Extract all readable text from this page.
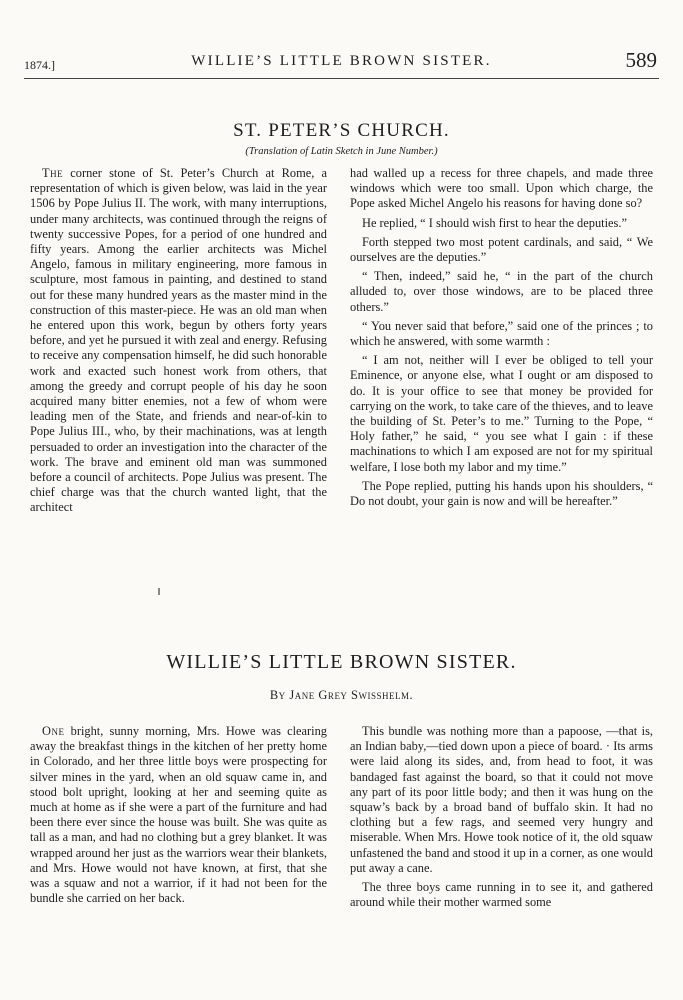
1874.]	WILLIE’S LITTLE BROWN SISTER.	589
ST. PETER’S CHURCH.
(Translation of Latin Sketch in June Number.)

The corner stone of St. Peter’s Church at Rome, a representation of which is given below, was laid in the year 1506 by Pope Julius II. The work, with many interruptions, under many architects, was continued through the reigns of twenty successive Popes, for a period of one hundred and fifty years. Among the earlier architects was Michel Angelo, famous in military engineering, more famous in sculpture, most famous in painting, and destined to stand out for these many hundred years as the master mind in the construction of this master-piece. He was an old man when he entered upon this work, begun by others forty years before, and yet he pursued it with zeal and energy. Refusing to receive any compensation himself, he did such honorable work and exacted such honest work from others, that among the greedy and corrupt people of his day he soon acquired many bitter enemies, not a few of whom were leading men of the State, and friends and near-of-kin to Pope Julius III., who, by their machinations, was at length persuaded to order an investigation into the character of the work. The brave and eminent old man was summoned before a council of architects. Pope Julius was present. The chief charge was that the church wanted light, that the architect

had walled up a recess for three chapels, and made three windows which were too small. Upon which charge, the Pope asked Michel Angelo his reasons for having done so?

He replied, “ I should wish first to hear the deputies.”

Forth stepped two most potent cardinals, and said, “ We ourselves are the deputies.”

“ Then, indeed,” said he, “ in the part of the church alluded to, over those windows, are to be placed three others.”

“ You never said that before,” said one of the princes ; to which he answered, with some warmth :

“ I am not, neither will I ever be obliged to tell your Eminence, or anyone else, what I ought or am disposed to do. It is your office to see that money be provided for carrying on the work, to take care of the thieves, and to leave the building of St. Peter’s to me.” Turning to the Pope, “ Holy father,” he said, “ you see what I gain : if these machinations to which I am exposed are not for my spiritual welfare, I lose both my labor and my time.”

The Pope replied, putting his hands upon his shoulders, “ Do not doubt, your gain is now and will be hereafter.”

WILLIE’S LITTLE BROWN SISTER.
By Jane Grey Swisshelm.

One bright, sunny morning, Mrs. Howe was clearing away the breakfast things in the kitchen of her pretty home in Colorado, and her three little boys were prospecting for silver mines in the yard, when an old squaw came in, and stood bolt upright, looking at her and seeming quite as much at home as if she were a part of the furniture and had been there ever since the house was built. She was quite as tall as a man, and had no clothing but a grey blanket. It was wrapped around her just as the warriors wear their blankets, and Mrs. Howe would not have known, at first, that she was a squaw and not a warrior, if it had not been for the bundle she carried on her back.

This bundle was nothing more than a papoose, —that is, an Indian baby,—tied down upon a piece of board. · Its arms were laid along its sides, and, from head to foot, it was bandaged fast against the board, so that it could not move any part of its poor little body; and then it was hung on the squaw’s back by a broad band of buffalo skin. It had no clothing but a few rags, and seemed very hungry and miserable. When Mrs. Howe took notice of it, the old squaw unfastened the band and stood it up in a corner, as one would put away a cane.

The three boys came running in to see it, and gathered around while their mother warmed some
